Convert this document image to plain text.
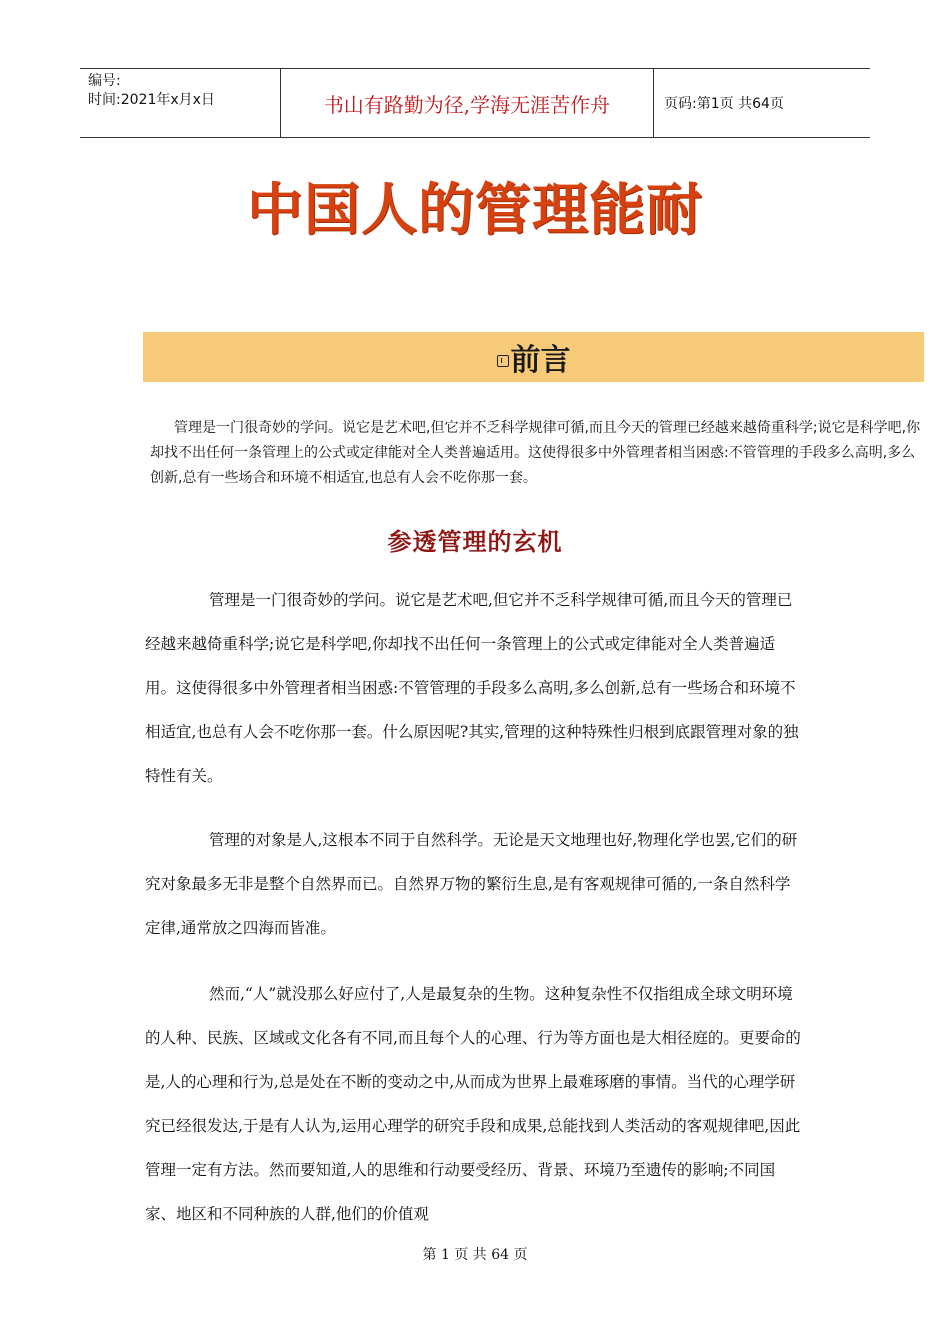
编号:
时间:2021年x月x日	书山有路勤为径,学海无涯苦作舟	页码:第1页 共64页
中国人的管理能耐
前言
管理是一门很奇妙的学问。说它是艺术吧,但它并不乏科学规律可循,而且今天的管理已经越来越倚重科学;说它是科学吧,你却找不出任何一条管理上的公式或定律能对全人类普遍适用。这使得很多中外管理者相当困惑:不管管理的手段多么高明,多么创新,总有一些场合和环境不相适宜,也总有人会不吃你那一套。
参透管理的玄机

管理是一门很奇妙的学问。说它是艺术吧,但它并不乏科学规律可循,而且今天的管理已经越来越倚重科学;说它是科学吧,你却找不出任何一条管理上的公式或定律能对全人类普遍适用。这使得很多中外管理者相当困惑:不管管理的手段多么高明,多么创新,总有一些场合和环境不相适宜,也总有人会不吃你那一套。什么原因呢?其实,管理的这种特殊性归根到底跟管理对象的独特性有关。

管理的对象是人,这根本不同于自然科学。无论是天文地理也好,物理化学也罢,它们的研究对象最多无非是整个自然界而已。自然界万物的繁衍生息,是有客观规律可循的,一条自然科学定律,通常放之四海而皆准。

然而,“人”就没那么好应付了,人是最复杂的生物。这种复杂性不仅指组成全球文明环境的人种、民族、区域或文化各有不同,而且每个人的心理、行为等方面也是大相径庭的。更要命的是,人的心理和行为,总是处在不断的变动之中,从而成为世界上最难琢磨的事情。当代的心理学研究已经很发达,于是有人认为,运用心理学的研究手段和成果,总能找到人类活动的客观规律吧,因此管理一定有方法。然而要知道,人的思维和行动要受经历、背景、环境乃至遗传的影响;不同国家、地区和不同种族的人群,他们的价值观

第 1 页 共 64 页
